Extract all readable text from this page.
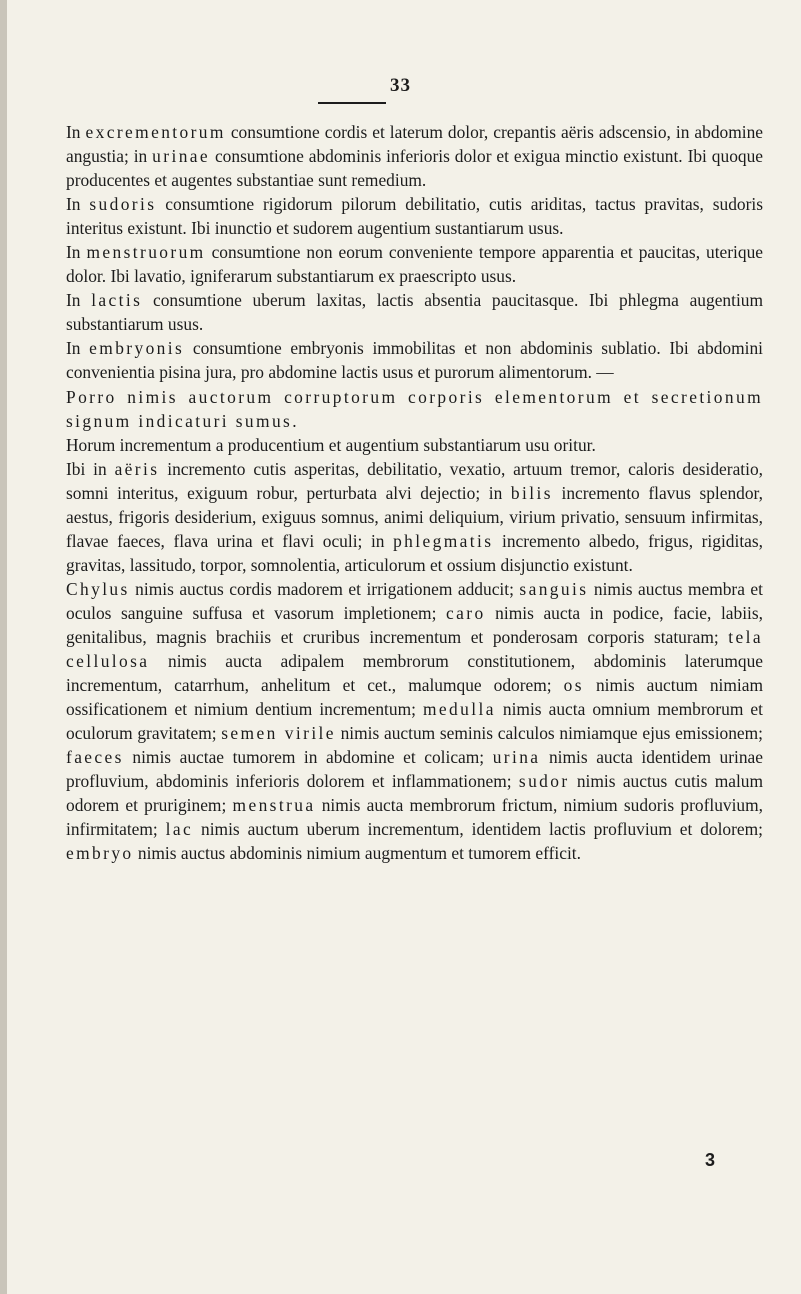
33

In excrementorum consumtione cordis et laterum dolor, crepantis aëris adscensio, in abdomine angustia; in urinae consumtione abdominis inferioris dolor et exigua minctio existunt. Ibi quoque producentes et augentes substantiae sunt remedium.

In sudoris consumtione rigidorum pilorum debilitatio, cutis ariditas, tactus pravitas, sudoris interitus existunt. Ibi inunctio et sudorem augentium sustantiarum usus.

In menstruorum consumtione non eorum conveniente tempore apparentia et paucitas, uterique dolor. Ibi lavatio, igniferarum substantiarum ex praescripto usus.

In lactis consumtione uberum laxitas, lactis absentia paucitasque. Ibi phlegma augentium substantiarum usus.

In embryonis consumtione embryonis immobilitas et non abdominis sublatio. Ibi abdomini convenientia pisina jura, pro abdomine lactis usus et purorum alimentorum. —

Porro nimis auctorum corruptorum corporis elementorum et secretionum signum indicaturi sumus.

Horum incrementum a producentium et augentium substantiarum usu oritur.

Ibi in aëris incremento cutis asperitas, debilitatio, vexatio, artuum tremor, caloris desideratio, somni interitus, exiguum robur, perturbata alvi dejectio; in bilis incremento flavus splendor, aestus, frigoris desiderium, exiguus somnus, animi deliquium, virium privatio, sensuum infirmitas, flavae faeces, flava urina et flavi oculi; in phlegmatis incremento albedo, frigus, rigiditas, gravitas, lassitudo, torpor, somnolentia, articulorum et ossium disjunctio existunt.

Chylus nimis auctus cordis madorem et irrigationem adducit; sanguis nimis auctus membra et oculos sanguine suffusa et vasorum impletionem; caro nimis aucta in podice, facie, labiis, genitalibus, magnis brachiis et cruribus incrementum et ponderosam corporis staturam; tela cellulosa nimis aucta adipalem membrorum constitutionem, abdominis laterumque incrementum, catarrhum, anhelitum et cet., malumque odorem; os nimis auctum nimiam ossificationem et nimium dentium incrementum; medulla nimis aucta omnium membrorum et oculorum gravitatem; semen virile nimis auctum seminis calculos nimiamque ejus emissionem; faeces nimis auctae tumorem in abdomine et colicam; urina nimis aucta identidem urinae profluvium, abdominis inferioris dolorem et inflammationem; sudor nimis auctus cutis malum odorem et pruriginem; menstrua nimis aucta membrorum frictum, nimium sudoris profluvium, infirmitatem; lac nimis auctum uberum incrementum, identidem lactis profluvium et dolorem; embryo nimis auctus abdominis nimium augmentum et tumorem efficit.

3
